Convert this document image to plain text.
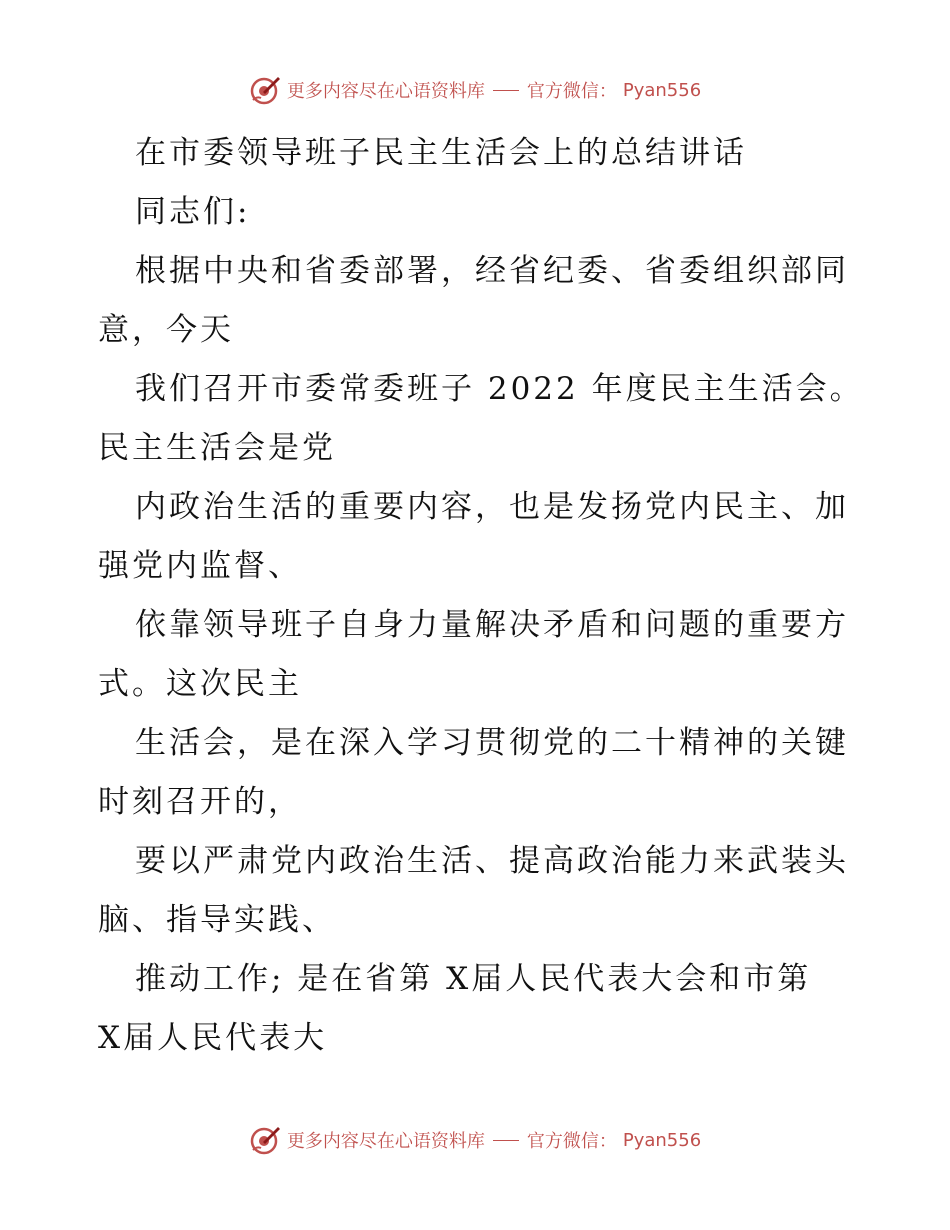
更多内容尽在心语资料库 官方微信： Pyan556
在市委领导班子民主生活会上的总结讲话
同志们:
根据中央和省委部署，经省纪委、省委组织部同
意，今天
我们召开市委常委班子 2022 年度民主生活会。
民主生活会是党
内政治生活的重要内容，也是发扬党内民主、加
强党内监督、
依靠领导班子自身力量解决矛盾和问题的重要方
式。这次民主
生活会，是在深入学习贯彻党的二十精神的关键
时刻召开的，
要以严肃党内政治生活、提高政治能力来武装头
脑、指导实践、
推动工作; 是在省第 X届人民代表大会和市第
X届人民代表大
更多内容尽在心语资料库 官方微信： Pyan556
